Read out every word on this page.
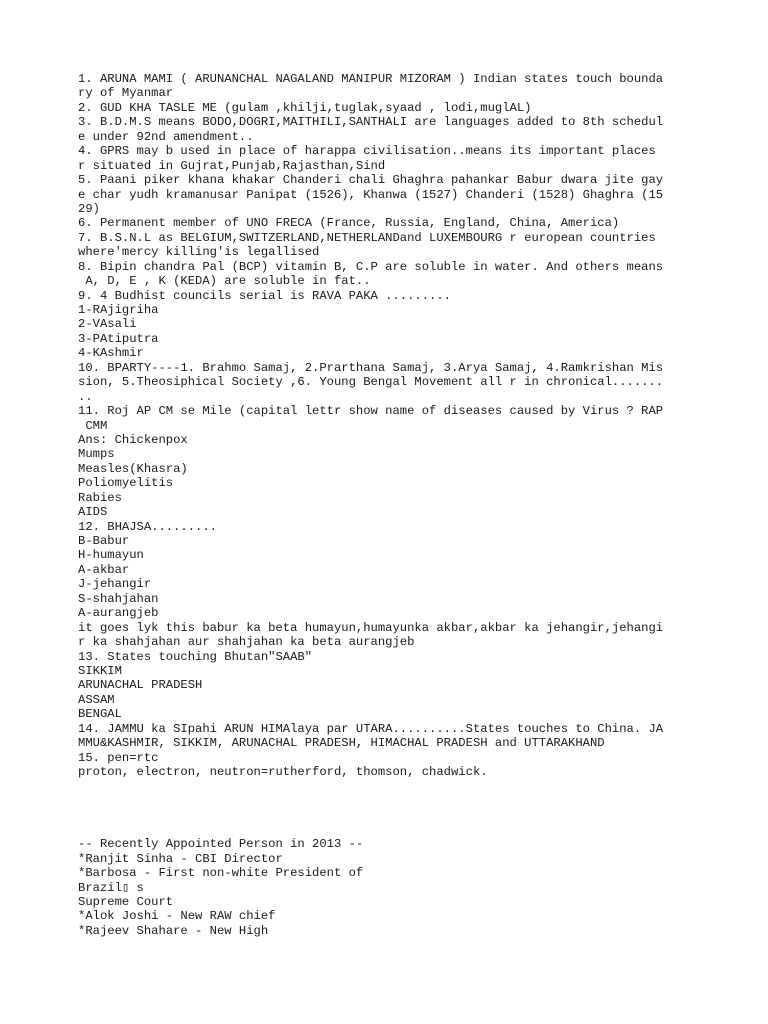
1. ARUNA MAMI ( ARUNANCHAL NAGALAND MANIPUR MIZORAM ) Indian states touch bounda
ry of Myanmar
2. GUD KHA TASLE ME (gulam ,khilji,tuglak,syaad , lodi,muglAL)
3. B.D.M.S means BODO,DOGRI,MAITHILI,SANTHALI are languages added to 8th schedul
e under 92nd amendment..
4. GPRS may b used in place of harappa civilisation..means its important places
r situated in Gujrat,Punjab,Rajasthan,Sind
5. Paani piker khana khakar Chanderi chali Ghaghra pahankar Babur dwara jite gay
e char yudh kramanusar Panipat (1526), Khanwa (1527) Chanderi (1528) Ghaghra (15
29)
6. Permanent member of UNO FRECA (France, Russia, England, China, America)
7. B.S.N.L as BELGIUM,SWITZERLAND,NETHERLANDand LUXEMBOURG r european countries
where'mercy killing'is legallised
8. Bipin chandra Pal (BCP) vitamin B, C.P are soluble in water. And others means
A, D, E , K (KEDA) are soluble in fat..
9. 4 Budhist councils serial is RAVA PAKA .........
1-RAjigriha
2-VAsali
3-PAtiputra
4-KAshmir
10. BPARTY----1. Brahmo Samaj, 2.Prarthana Samaj, 3.Arya Samaj, 4.Ramkrishan Mis
sion, 5.Theosiphical Society ,6. Young Bengal Movement all r in chronical.......
..
11. Roj AP CM se Mile (capital lettr show name of diseases caused by Virus ? RAP
CMM
Ans: Chickenpox
Mumps
Measles(Khasra)
Poliomyelitis
Rabies
AIDS
12. BHAJSA.........
B-Babur
H-humayun
A-akbar
J-jehangir
S-shahjahan
A-aurangjeb
it goes lyk this babur ka beta humayun,humayunka akbar,akbar ka jehangir,jehangi
r ka shahjahan aur shahjahan ka beta aurangjeb
13. States touching Bhutan"SAAB"
SIKKIM
ARUNACHAL PRADESH
ASSAM
BENGAL
14. JAMMU ka SIpahi ARUN HIMAlaya par UTARA..........States touches to China. JA
MMU&KASHMIR, SIKKIM, ARUNACHAL PRADESH, HIMACHAL PRADESH and UTTARAKHAND
15. pen=rtc
proton, electron, neutron=rutherford, thomson, chadwick.
-- Recently Appointed Person in 2013 --
*Ranjit Sinha - CBI Director
*Barbosa - First non-white President of
Brazil▯ s
Supreme Court
*Alok Joshi - New RAW chief
*Rajeev Shahare - New High
